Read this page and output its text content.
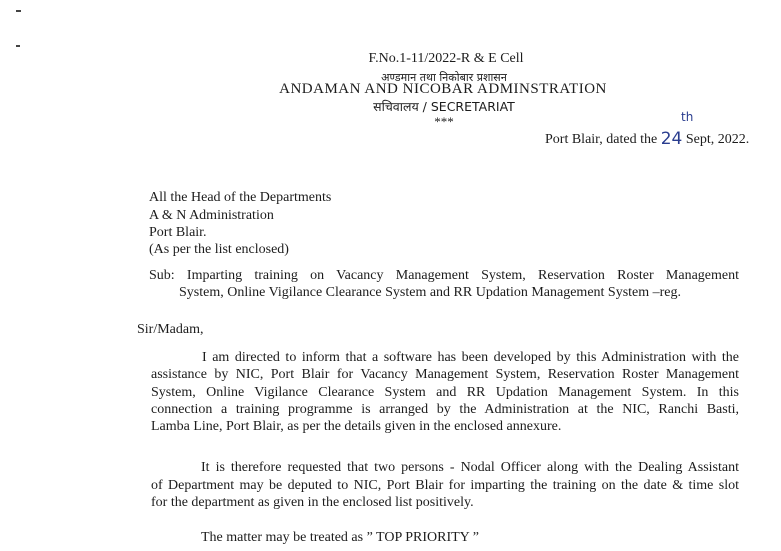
F.No.1-11/2022-R & E Cell
अण्डमान तथा निकोबार प्रशासन
ANDAMAN AND NICOBAR ADMINSTRATION
सचिवालय / SECRETARIAT
***
Port Blair, dated the 24
th
Sept, 2022.
All the Head of the Departments
A & N Administration
Port Blair.
(As per the list enclosed)
Sub: Imparting training on Vacancy Management System, Reservation Roster Management
System, Online Vigilance Clearance System and RR Updation Management System –reg.
Sir/Madam,
I am directed to inform that a software has been developed by this Administration with the
assistance by NIC, Port Blair for Vacancy Management System, Reservation Roster Management
System, Online Vigilance Clearance System and RR Updation Management System. In this
connection a training programme is arranged by the Administration at the NIC, Ranchi Basti,
Lamba Line, Port Blair, as per the details given in the enclosed annexure.
It is therefore requested that two persons - Nodal Officer along with the Dealing Assistant
of Department may be deputed to NIC, Port Blair for imparting the training on the date & time slot
for the department as given in the enclosed list positively.
The matter may be treated as ” TOP PRIORITY ”
